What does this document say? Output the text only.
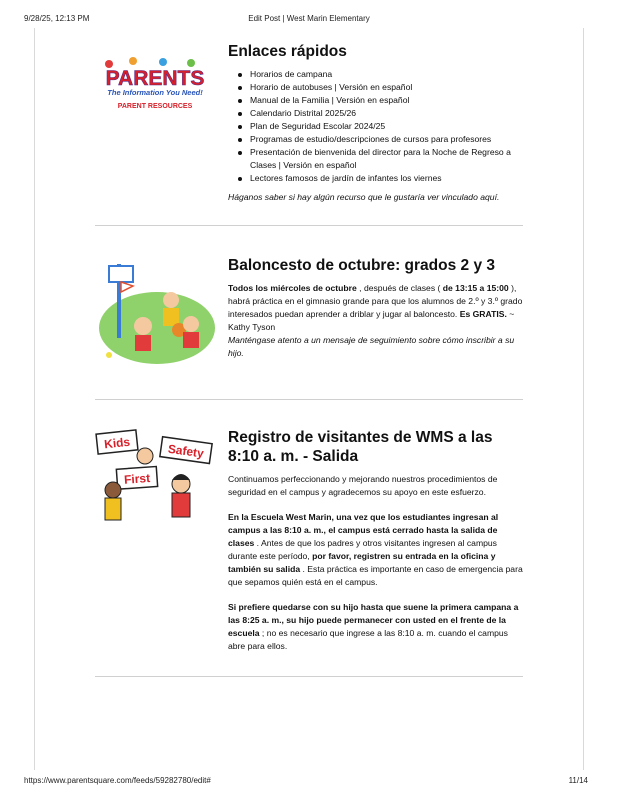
9/28/25, 12:13 PM	Edit Post | West Marin Elementary
PARENTS
The Information You Need!
PARENT RESOURCES
Enlaces rápidos
Horarios de campana
Horario de autobuses | Versión en español
Manual de la Familia | Versión en español
Calendario Distrital 2025/26
Plan de Seguridad Escolar 2024/25
Programas de estudio/descripciones de cursos para profesores
Presentación de bienvenida del director para la Noche de Regreso a Clases | Versión en español
Lectores famosos de jardín de infantes los viernes

Háganos saber si hay algún recurso que le gustaría ver vinculado aquí.

Baloncesto de octubre: grados 2 y 3

Todos los miércoles de octubre , después de clases ( de 13:15 a 15:00 ), habrá práctica en el gimnasio grande para que los alumnos de 2.º y 3.º grado interesados puedan aprender a driblar y jugar al baloncesto. Es GRATIS. ~ Kathy Tyson

Manténgase atento a un mensaje de seguimiento sobre cómo inscribir a su hijo.

Kids	Safety
First
Registro de visitantes de WMS a las 8:10 a. m. - Salida

Continuamos perfeccionando y mejorando nuestros procedimientos de seguridad en el campus y agradecemos su apoyo en este esfuerzo.

En la Escuela West Marin, una vez que los estudiantes ingresan al campus a las 8:10 a. m., el campus está cerrado hasta la salida de clases . Antes de que los padres y otros visitantes ingresen al campus durante este período, por favor, registren su entrada en la oficina y también su salida . Esta práctica es importante en caso de emergencia para que sepamos quién está en el campus.

Si prefiere quedarse con su hijo hasta que suene la primera campana a las 8:25 a. m., su hijo puede permanecer con usted en el frente de la escuela ; no es necesario que ingrese a las 8:10 a. m. cuando el campus abre para ellos.

https://www.parentsquare.com/feeds/59282780/edit#	11/14
